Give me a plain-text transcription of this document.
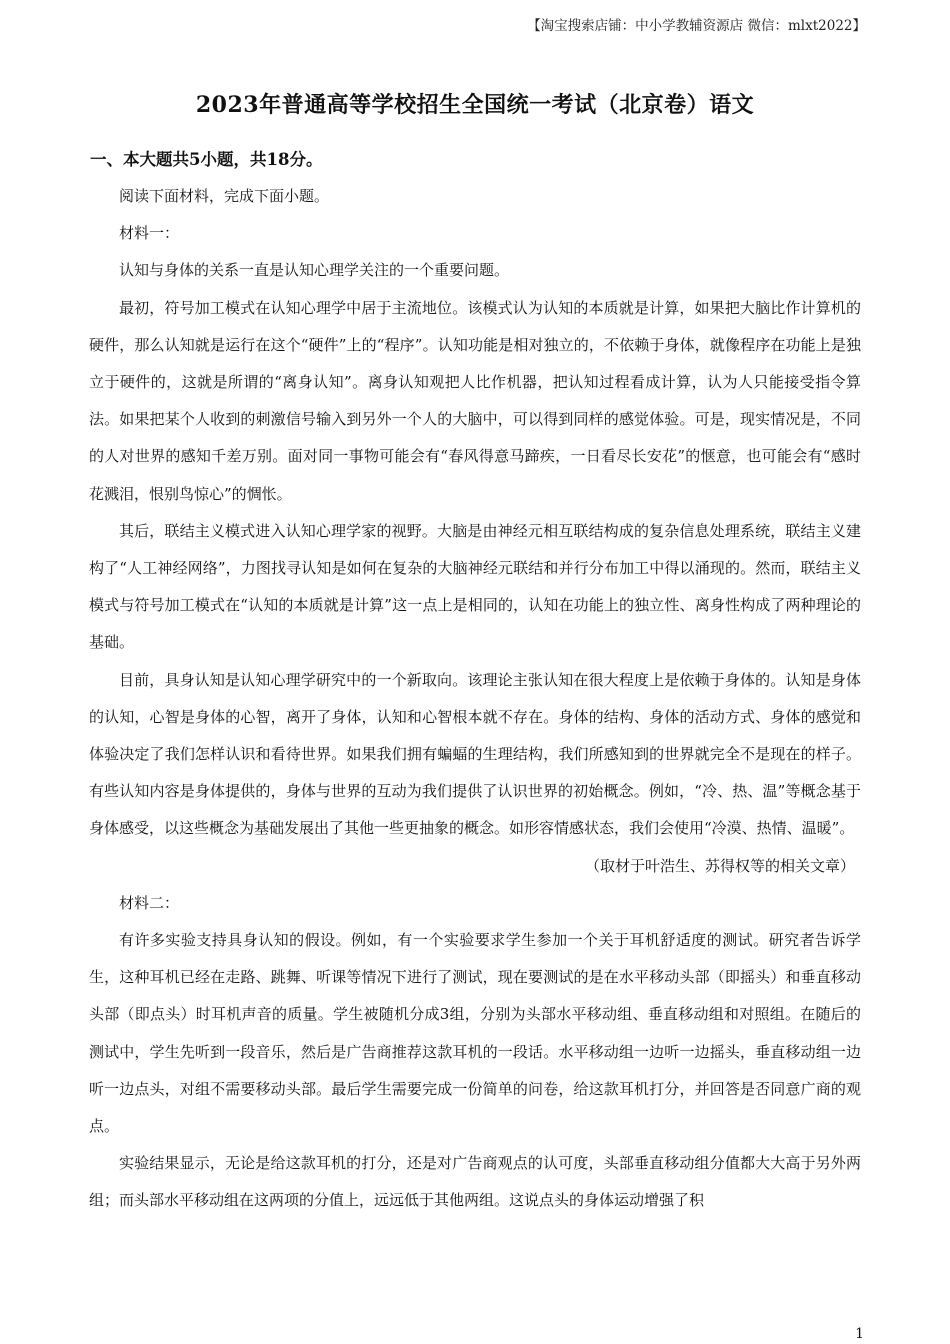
【淘宝搜索店铺：中小学教辅资源店 微信：mlxt2022】
2023年普通高等学校招生全国统一考试（北京卷）语文
一、本大题共5小题，共18分。

阅读下面材料，完成下面小题。

材料一：

认知与身体的关系一直是认知心理学关注的一个重要问题。

最初，符号加工模式在认知心理学中居于主流地位。该模式认为认知的本质就是计算，如果把大脑比作计算机的硬件，那么认知就是运行在这个“硬件”上的“程序”。认知功能是相对独立的，不依赖于身体，就像程序在功能上是独立于硬件的，这就是所谓的“离身认知”。离身认知观把人比作机器，把认知过程看成计算，认为人只能接受指令算法。如果把某个人收到的刺激信号输入到另外一个人的大脑中，可以得到同样的感觉体验。可是，现实情况是，不同的人对世界的感知千差万别。面对同一事物可能会有“春风得意马蹄疾，一日看尽长安花”的惬意，也可能会有“感时花溅泪，恨别鸟惊心”的惆怅。

其后，联结主义模式进入认知心理学家的视野。大脑是由神经元相互联结构成的复杂信息处理系统，联结主义建构了“人工神经网络”，力图找寻认知是如何在复杂的大脑神经元联结和并行分布加工中得以涌现的。然而，联结主义模式与符号加工模式在“认知的本质就是计算”这一点上是相同的，认知在功能上的独立性、离身性构成了两种理论的基础。

目前，具身认知是认知心理学研究中的一个新取向。该理论主张认知在很大程度上是依赖于身体的。认知是身体的认知，心智是身体的心智，离开了身体，认知和心智根本就不存在。身体的结构、身体的活动方式、身体的感觉和体验决定了我们怎样认识和看待世界。如果我们拥有蝙蝠的生理结构，我们所感知到的世界就完全不是现在的样子。有些认知内容是身体提供的，身体与世界的互动为我们提供了认识世界的初始概念。例如，“冷、热、温”等概念基于身体感受，以这些概念为基础发展出了其他一些更抽象的概念。如形容情感状态，我们会使用“冷漠、热情、温暖”。

（取材于叶浩生、苏得权等的相关文章）

材料二：

有许多实验支持具身认知的假设。例如，有一个实验要求学生参加一个关于耳机舒适度的测试。研究者告诉学生，这种耳机已经在走路、跳舞、听课等情况下进行了测试，现在要测试的是在水平移动头部（即摇头）和垂直移动头部（即点头）时耳机声音的质量。学生被随机分成3组，分别为头部水平移动组、垂直移动组和对照组。在随后的测试中，学生先听到一段音乐，然后是广告商推荐这款耳机的一段话。水平移动组一边听一边摇头，垂直移动组一边听一边点头，对组不需要移动头部。最后学生需要完成一份简单的问卷，给这款耳机打分，并回答是否同意广商的观点。

实验结果显示，无论是给这款耳机的打分，还是对广告商观点的认可度，头部垂直移动组分值都大大高于另外两组；而头部水平移动组在这两项的分值上，远远低于其他两组。这说点头的身体运动增强了积

1
